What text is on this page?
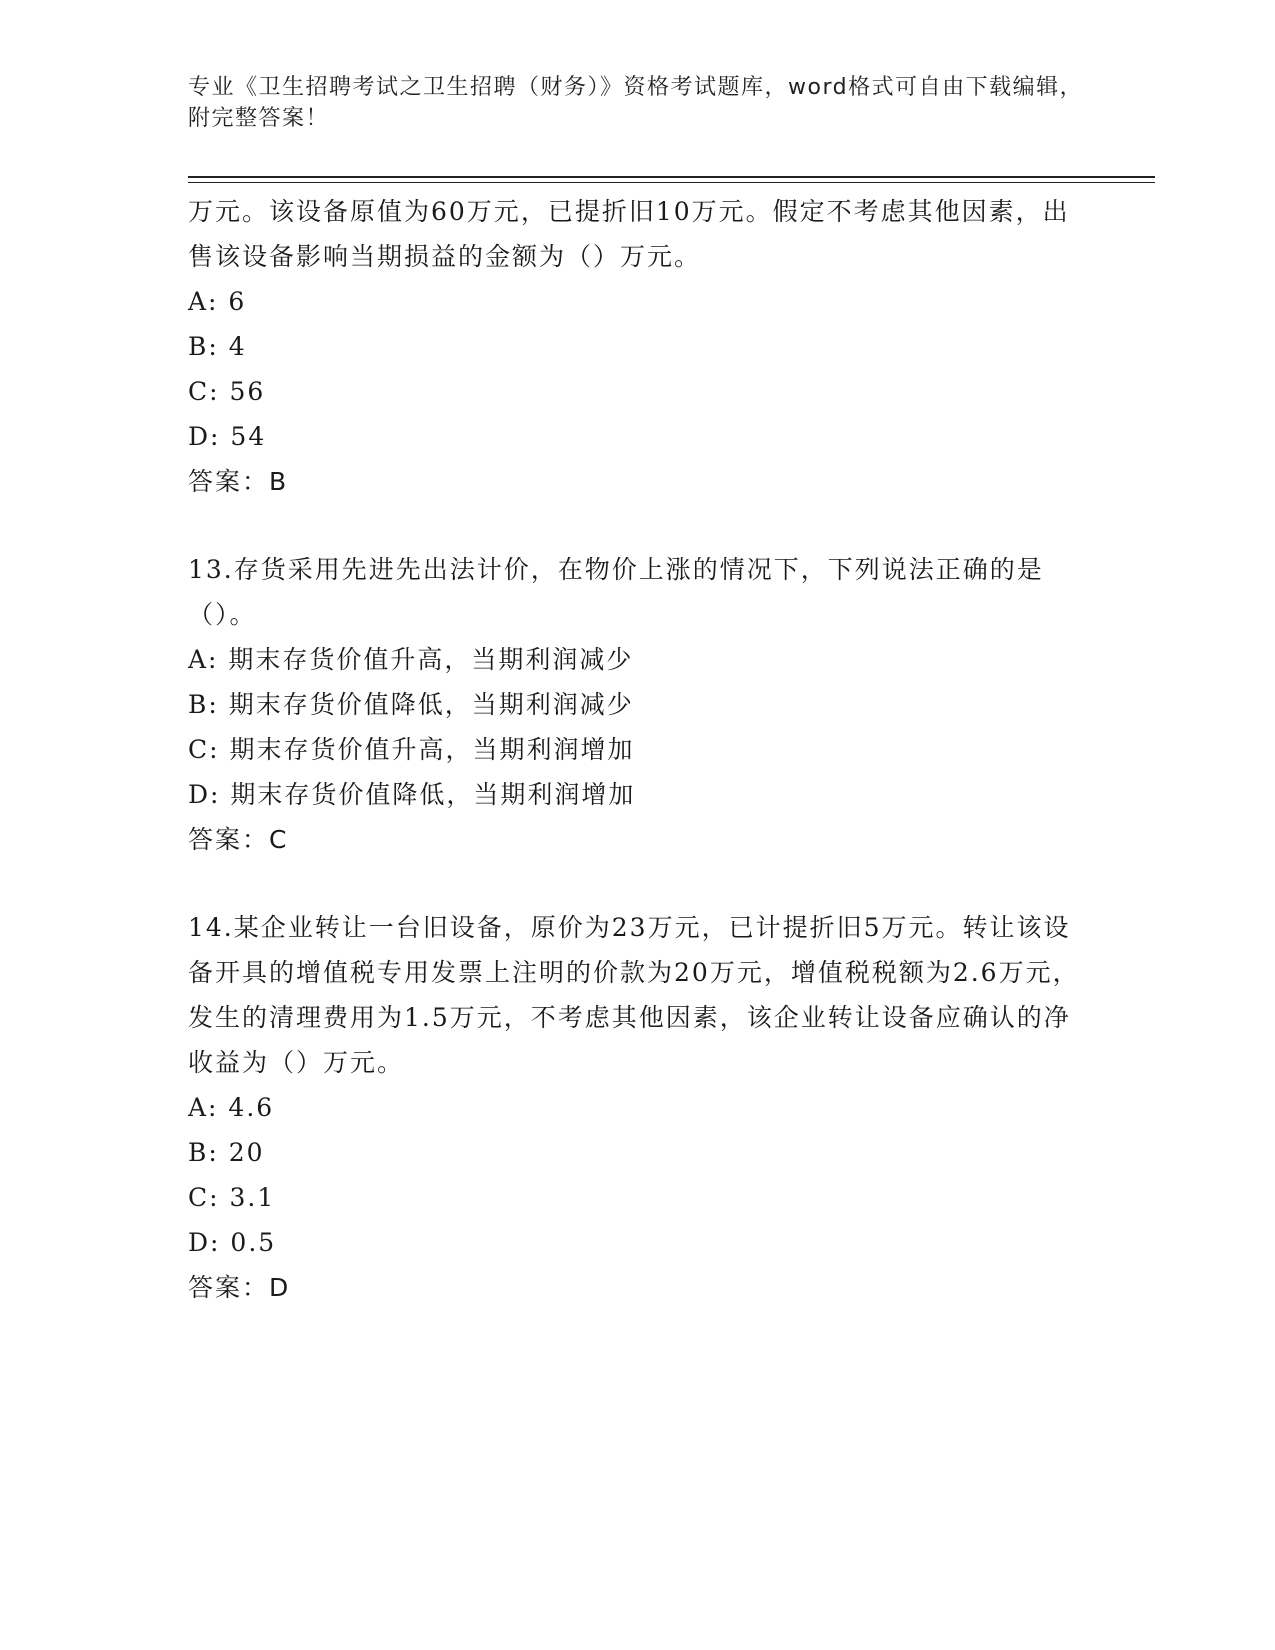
专业《卫生招聘考试之卫生招聘（财务）》资格考试题库，word格式可自由下载编辑，附完整答案！

万元。该设备原值为60万元，已提折旧10万元。假定不考虑其他因素，出售该设备影响当期损益的金额为（）万元。

A: 6

B: 4

C: 56

D: 54

答案：B

13.存货采用先进先出法计价，在物价上涨的情况下，下列说法正确的是（）。

A: 期末存货价值升高，当期利润减少

B: 期末存货价值降低，当期利润减少

C: 期末存货价值升高，当期利润增加

D: 期末存货价值降低，当期利润增加

答案：C

14.某企业转让一台旧设备，原价为23万元，已计提折旧5万元。转让该设备开具的增值税专用发票上注明的价款为20万元，增值税税额为2.6万元，发生的清理费用为1.5万元，不考虑其他因素，该企业转让设备应确认的净收益为（）万元。

A: 4.6

B: 20

C: 3.1

D: 0.5

答案：D
